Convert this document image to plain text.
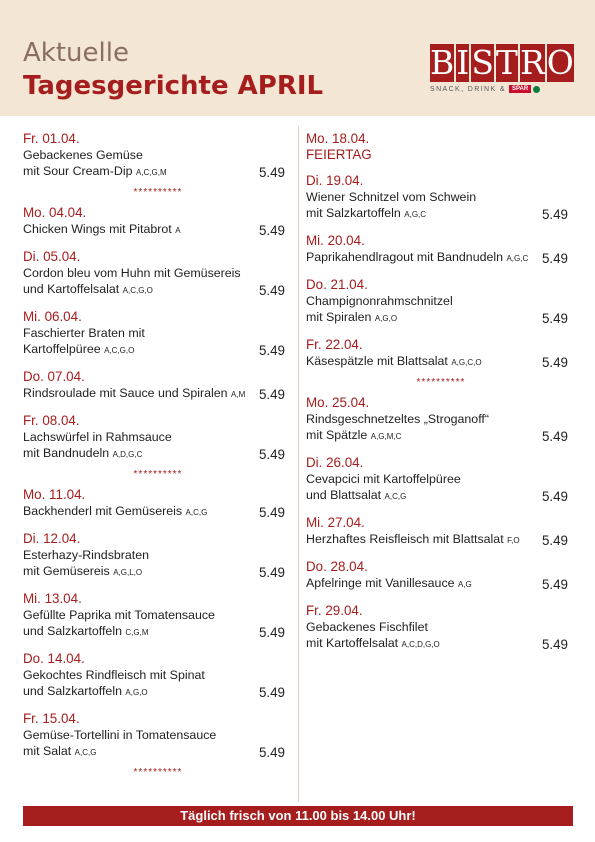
Aktuelle
Tagesgerichte APRIL
B I S T R O
SNACK, DRINK &	SPAR
Fr. 01.04.
Gebackenes Gemüse
mit Sour Cream-Dip A,C,G,M	5.49
**********
Mo. 04.04.
Chicken Wings mit Pitabrot A	5.49
Di. 05.04.
Cordon bleu vom Huhn mit Gemüsereis
und Kartoffelsalat A,C,G,O	5.49
Mi. 06.04.
Faschierter Braten mit
Kartoffelpüree A,C,G,O	5.49
Do. 07.04.
Rindsroulade mit Sauce und Spiralen A,M	5.49
Fr. 08.04.
Lachswürfel in Rahmsauce
mit Bandnudeln A,D,G,C	5.49
**********
Mo. 11.04.
Backhenderl mit Gemüsereis A,C,G	5.49
Di. 12.04.
Esterhazy-Rindsbraten
mit Gemüsereis A,G,L,O	5.49
Mi. 13.04.
Gefüllte Paprika mit Tomatensauce
und Salzkartoffeln C,G,M	5.49
Do. 14.04.
Gekochtes Rindfleisch mit Spinat
und Salzkartoffeln A,G,O	5.49
Fr. 15.04.
Gemüse-Tortellini in Tomatensauce
mit Salat A,C,G	5.49
**********
Mo. 18.04.
FEIERTAG
Di. 19.04.
Wiener Schnitzel vom Schwein
mit Salzkartoffeln A,G,C	5.49
Mi. 20.04.
Paprikahendlragout mit Bandnudeln A,G,C	5.49
Do. 21.04.
Champignonrahmschnitzel
mit Spiralen A,G,O	5.49
Fr. 22.04.
Käsespätzle mit Blattsalat A,G,C,O	5.49
**********
Mo. 25.04.
Rindsgeschnetzeltes „Stroganoff“
mit Spätzle A,G,M,C	5.49
Di. 26.04.
Cevapcici mit Kartoffelpüree
und Blattsalat A,C,G	5.49
Mi. 27.04.
Herzhaftes Reisfleisch mit Blattsalat F,O	5.49
Do. 28.04.
Apfelringe mit Vanillesauce A,G	5.49
Fr. 29.04.
Gebackenes Fischfilet
mit Kartoffelsalat A,C,D,G,O	5.49
Täglich frisch von 11.00 bis 14.00 Uhr!
